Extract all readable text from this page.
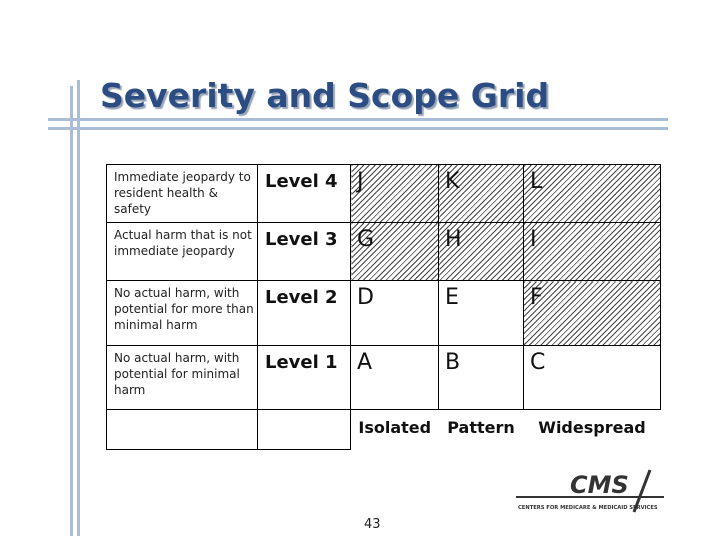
Severity and Scope Grid
Immediate jeopardy to resident health & safety	Level 4	J	K	L
Actual harm that is not immediate jeopardy	Level 3	G	H	I
No actual harm, with potential for more than minimal harm	Level 2	D	E	F
No actual harm, with potential for minimal harm	Level 1	A	B	C
		Isolated	Pattern	Widespread
CMS
CENTERS FOR MEDICARE & MEDICAID SERVICES
43
